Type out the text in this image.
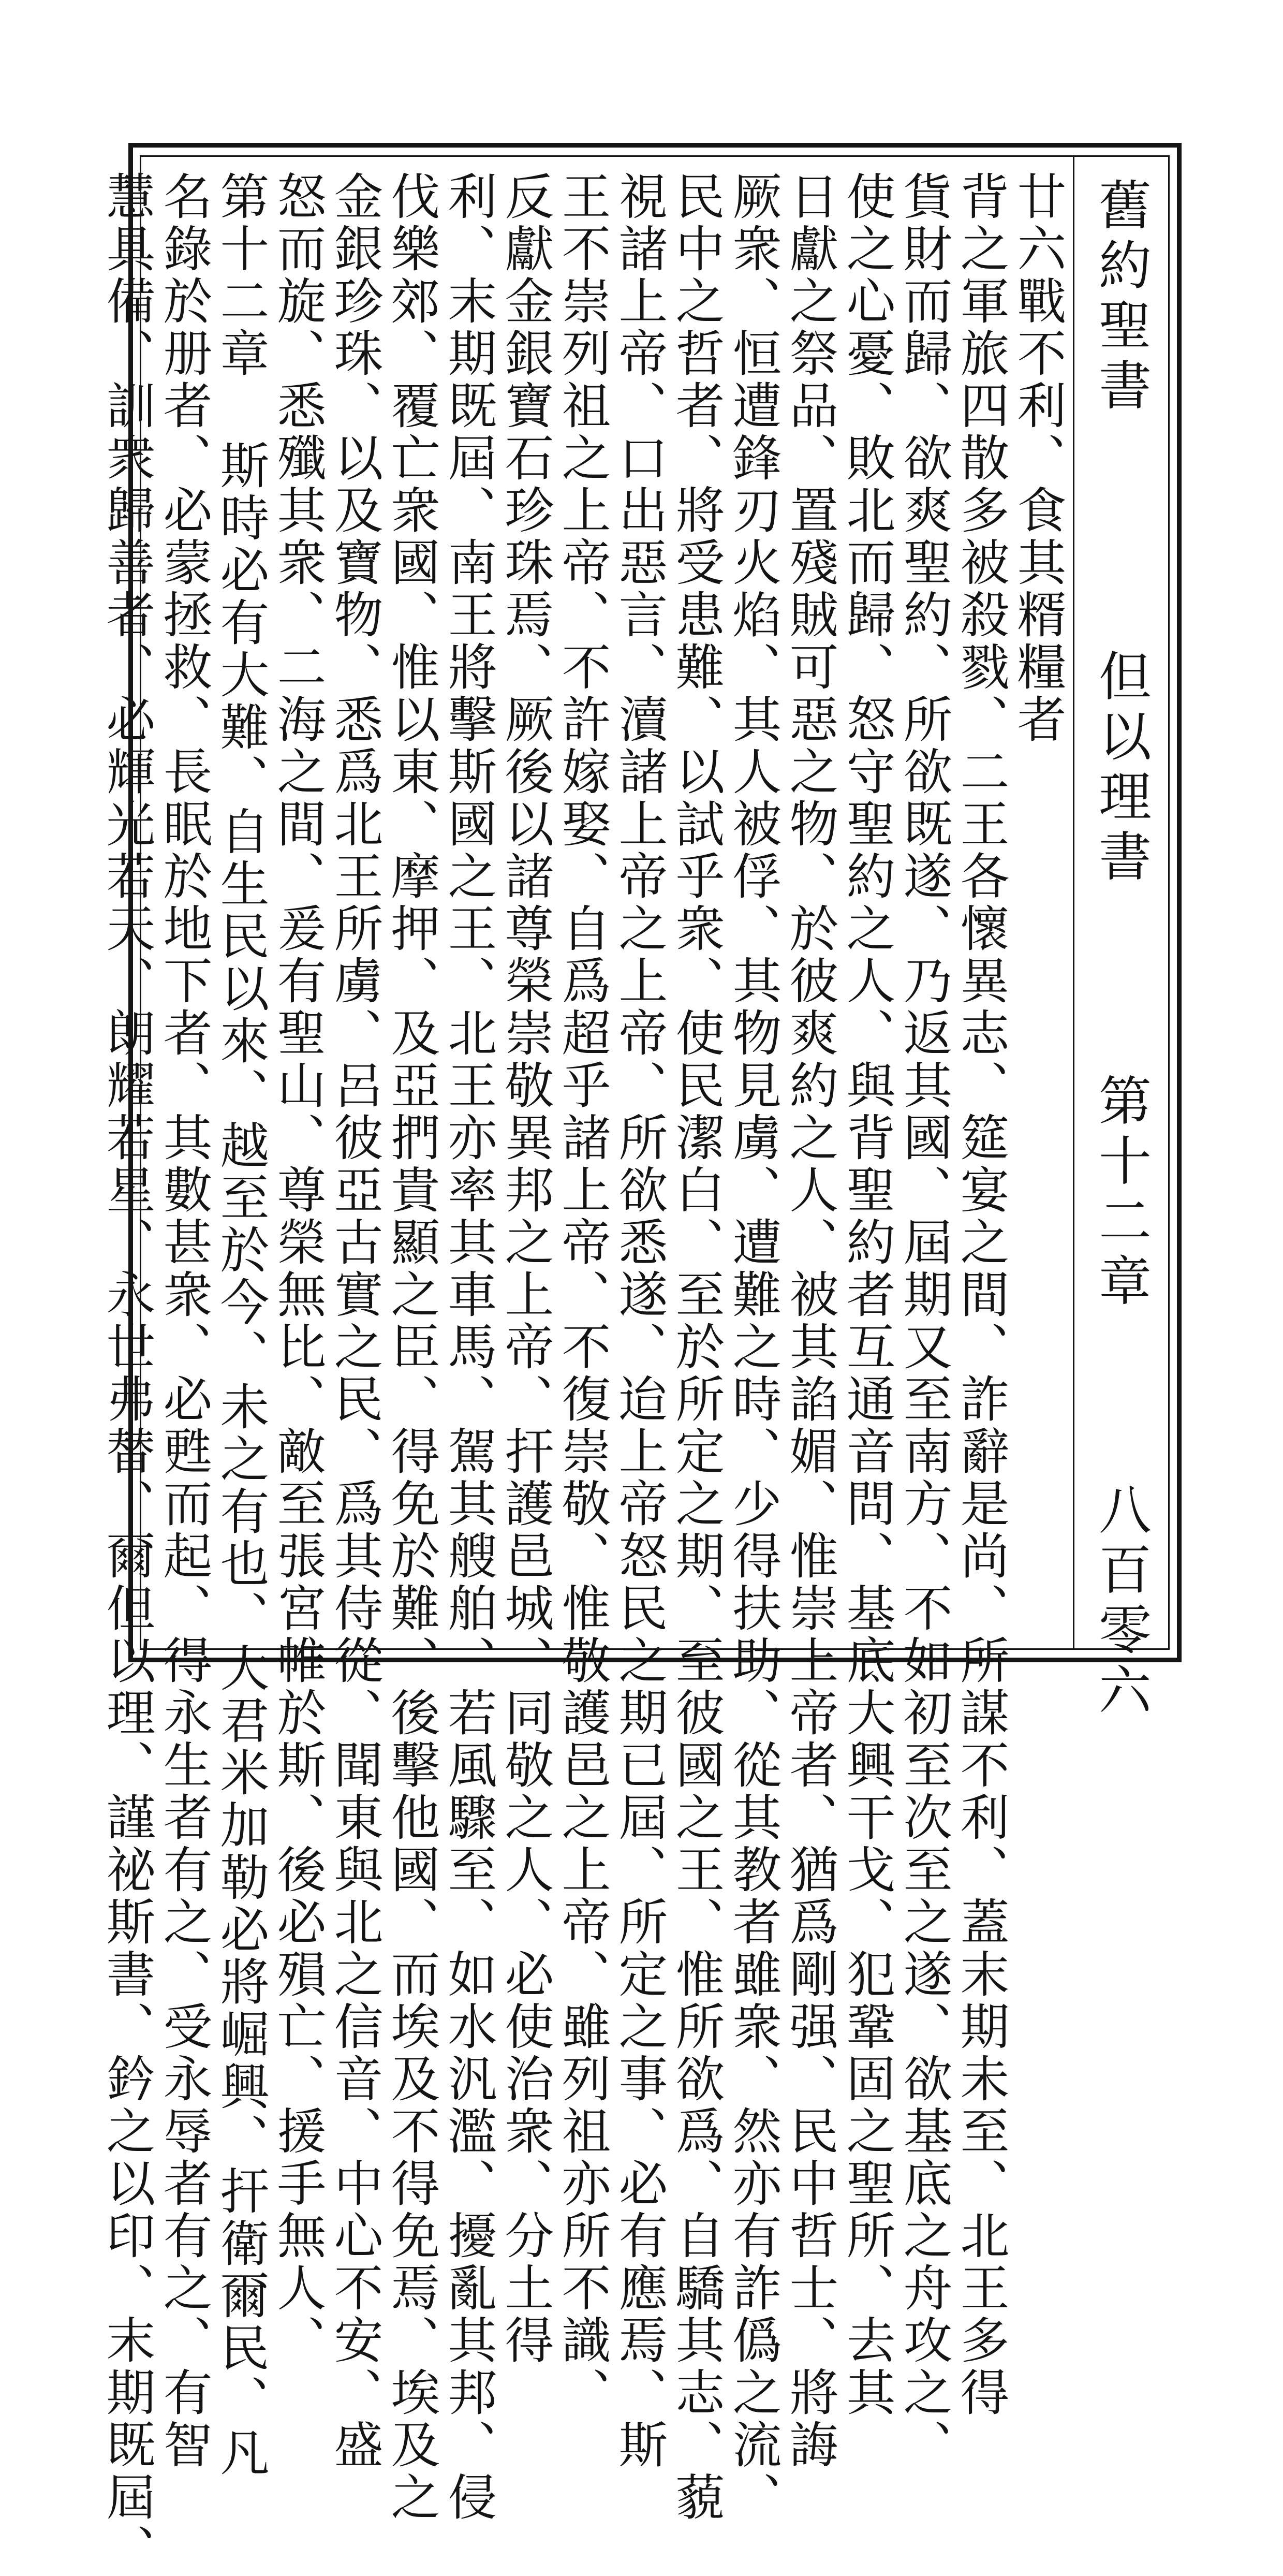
舊約聖書
但以理書
第十二章
八百零六
廿六戰不利、食其糈糧者
背之軍旅四散多被殺戮、二王各懷異志、筵宴之間、詐辭是尚、所謀不利、蓋末期未至、北王多得
貨財而歸、欲爽聖約、所欲既遂、乃返其國、屆期又至南方、不如初至次至之遂、欲基底之舟攻之、
使之心憂、敗北而歸、怒守聖約之人、與背聖約者互通音問、基底大興干戈、犯鞏固之聖所、去其
日獻之祭品、置殘賊可惡之物、於彼爽約之人、被其諂媚、惟崇上帝者、猶爲剛强、民中哲士、將誨
厥衆、恒遭鋒刃火焰、其人被俘、其物見虜、遭難之時、少得扶助、從其教者雖衆、然亦有詐僞之流、
民中之哲者、將受患難、以試乎衆、使民潔白、至於所定之期、至彼國之王、惟所欲爲、自驕其志、藐
視諸上帝、口出惡言、瀆諸上帝之上帝、所欲悉遂、迨上帝怒民之期已屆、所定之事、必有應焉、斯
王不崇列祖之上帝、不許嫁娶、自爲超乎諸上帝、不復崇敬、惟敬護邑之上帝、雖列祖亦所不識、
反獻金銀寶石珍珠焉、厥後以諸尊榮崇敬異邦之上帝、扞護邑城、同敬之人、必使治衆、分土得
利、末期既屆、南王將擊斯國之王、北王亦率其車馬、駕其艘舶、若風驟至、如水汎濫、擾亂其邦、侵
伐樂郊、覆亡衆國、惟以東、摩押、及亞捫貴顯之臣、得免於難、後擊他國、而埃及不得免焉、埃及之
金銀珍珠、以及寶物、悉爲北王所虜、呂彼亞古實之民、爲其侍從、聞東與北之信音、中心不安、盛
怒而旋、悉殲其衆、二海之間、爰有聖山、尊榮無比、敵至張宮帷於斯、後必殞亡、援手無人、
第十二章 斯時必有大難、自生民以來、越至於今、未之有也、大君米加勒必將崛興、扞衛爾民、凡
名錄於册者、必蒙拯救、長眠於地下者、其數甚衆、必甦而起、得永生者有之、受永辱者有之、有智
慧具備、訓衆歸善者、必輝光若天、朗耀若星、永世弗替、爾但以理、謹祕斯書、鈐之以印、末期既屆、
